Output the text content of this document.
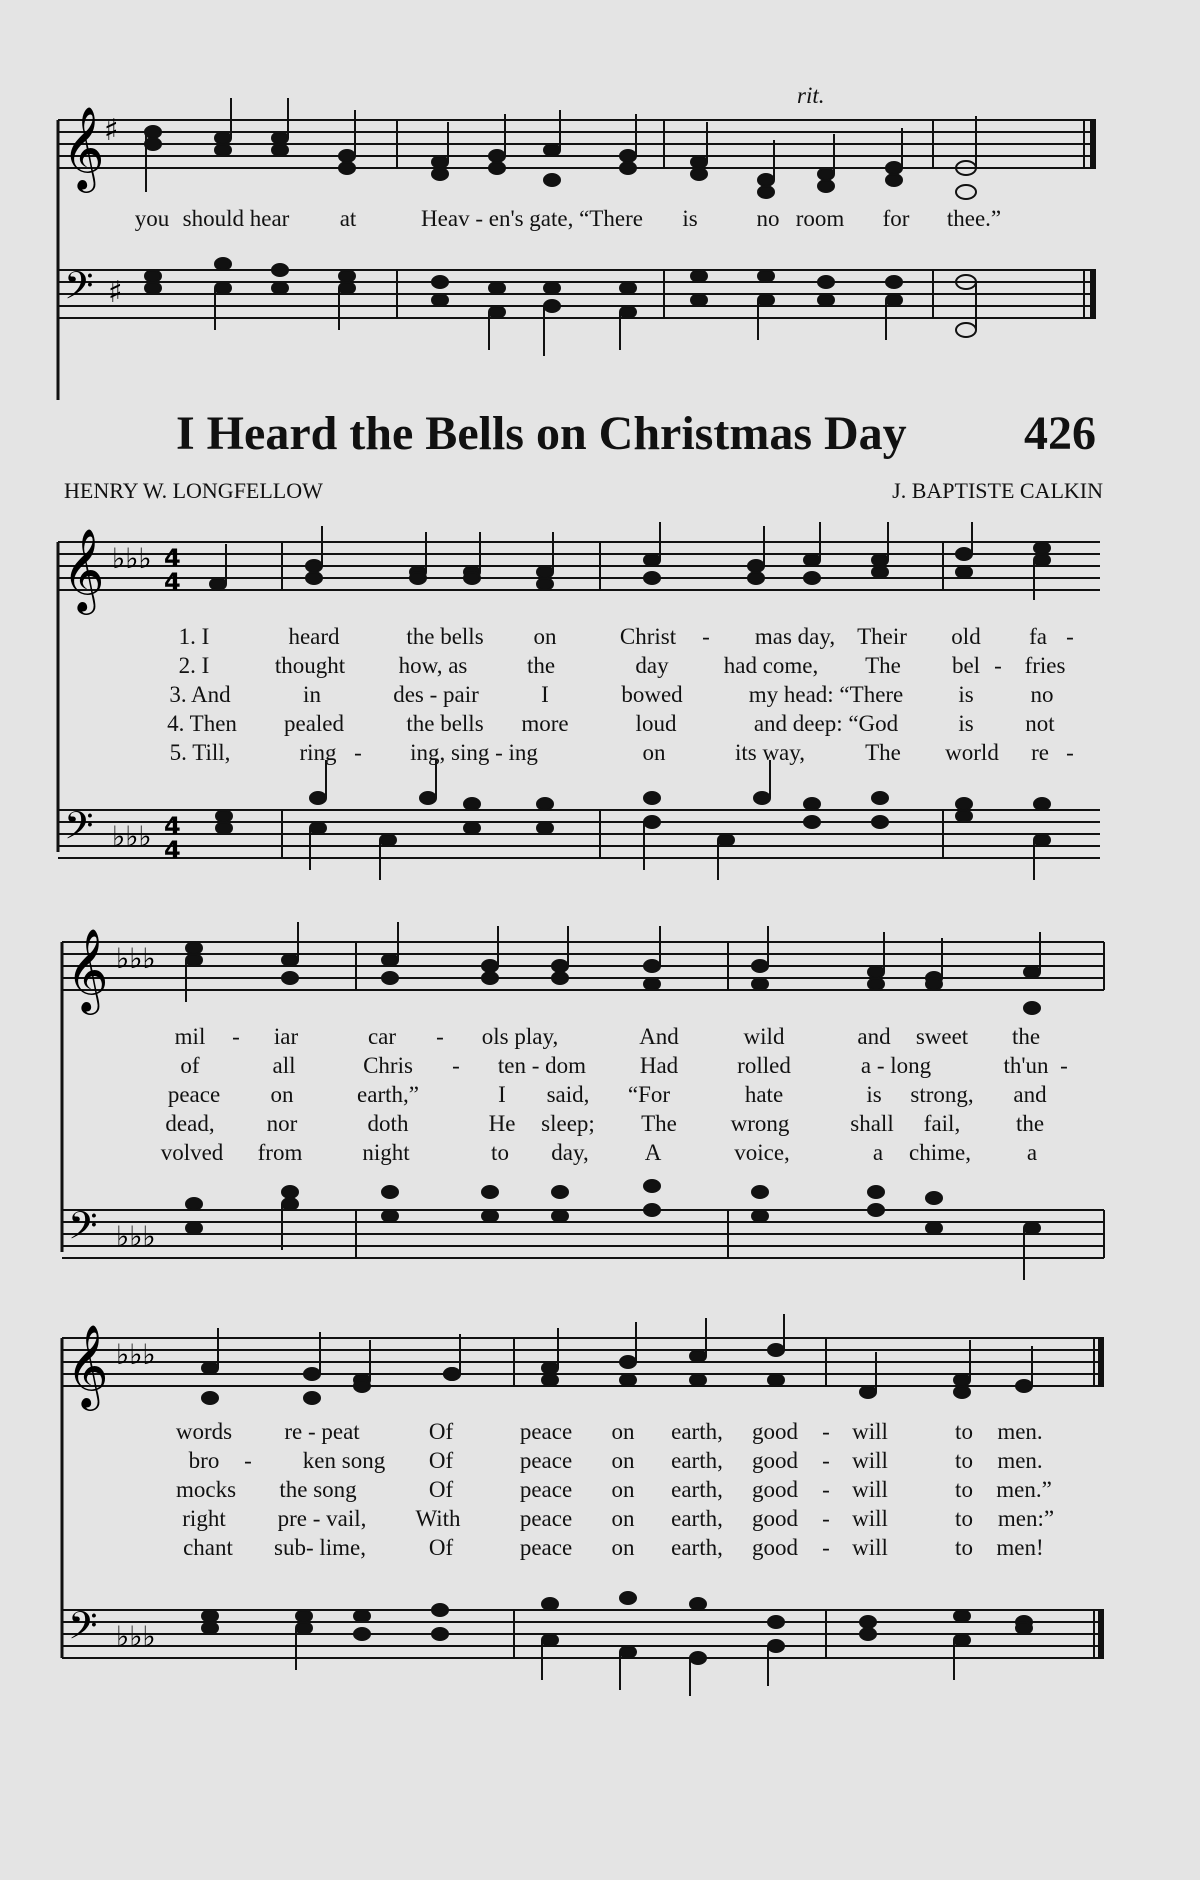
rit.
𝄞 ♯
you should hear at	Heav - en's gate, “There is	no room for thee.”
𝄢 ♯
I Heard the Bells on Christmas Day 426
HENRY W. LONGFELLOW	J. BAPTISTE CALKIN
𝄞 ♭♭♭ 4
4
1. I	heard	the bells on	Christ - mas day, Their old fa -
2. I	thought how, as	the	day had come, The bel - fries
3. And	in	des - pair	I	bowed	my head: “There is no
4. Then pealed	the bells more	loud	and deep: “God	is not
5. Till,	ring - ing, sing - ing	on	its way,	The world re -
𝄢 ♭♭♭ 4
4
𝄞 ♭♭♭
mil - iar	car - ols play,	And	wild	and sweet the
of	all	Chris - ten - dom Had	rolled	a - long	th'un -
peace on	earth,”	I said, “For	hate	is strong, and
dead, nor	doth	He sleep; The wrong	shall fail, the
volved from	night	to day, A	voice,	a chime, a
𝄢 ♭♭♭
𝄞 ♭♭♭
words re - peat	Of	peace on earth, good - will	to men.
bro - ken song Of	peace on earth, good - will	to men.
mocks the song	Of	peace on earth, good - will	to men.”
right pre - vail, With	peace on earth, good - will	to men:”
chant sub- lime,	Of	peace on earth, good - will	to men!
𝄢 ♭♭♭
